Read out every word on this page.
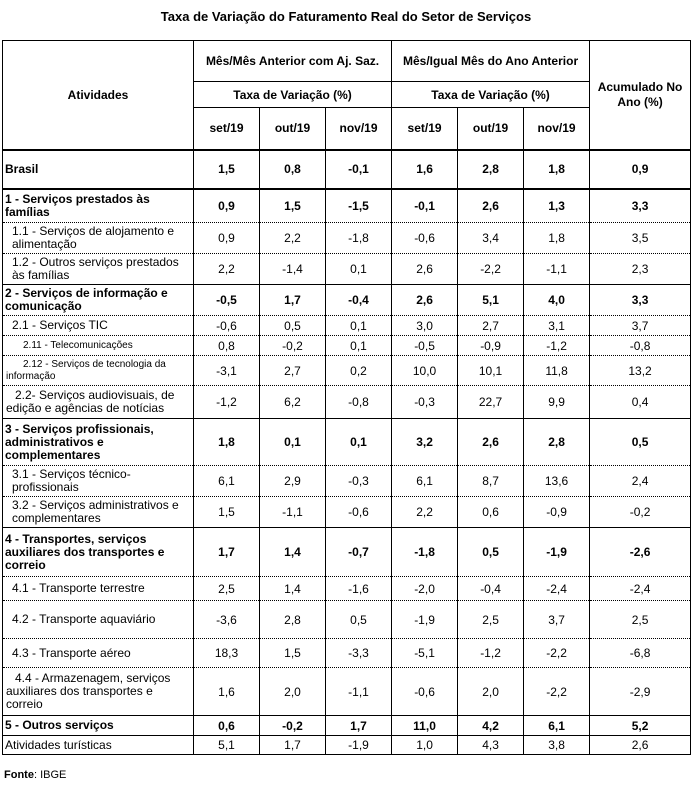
Taxa de Variação do Faturamento Real do Setor de Serviços
Atividades	Mês/Mês Anterior com Aj. Saz.			Mês/Igual Mês do Ano Anterior			Acumulado No Ano (%)
	Taxa de Variação (%)			Taxa de Variação (%)			
	set/19	out/19	nov/19	set/19	out/19	nov/19	
Brasil	1,5	0,8	-0,1	1,6	2,8	1,8	0,9
1 - Serviços prestados às famílias	0,9	1,5	-1,5	-0,1	2,6	1,3	3,3
1.1 - Serviços de alojamento e alimentação	0,9	2,2	-1,8	-0,6	3,4	1,8	3,5
1.2 - Outros serviços prestados às famílias	2,2	-1,4	0,1	2,6	-2,2	-1,1	2,3
2 - Serviços de informação e comunicação	-0,5	1,7	-0,4	2,6	5,1	4,0	3,3
2.1 - Serviços TIC	-0,6	0,5	0,1	3,0	2,7	3,1	3,7
2.11 - Telecomunicações	0,8	-0,2	0,1	-0,5	-0,9	-1,2	-0,8
2.12 - Serviços de tecnologia da informação	-3,1	2,7	0,2	10,0	10,1	11,8	13,2
2.2- Serviços audiovisuais, de edição e agências de notícias	-1,2	6,2	-0,8	-0,3	22,7	9,9	0,4
3 - Serviços profissionais, administrativos e complementares	1,8	0,1	0,1	3,2	2,6	2,8	0,5
3.1 - Serviços técnico-profissionais	6,1	2,9	-0,3	6,1	8,7	13,6	2,4
3.2 - Serviços administrativos e complementares	1,5	-1,1	-0,6	2,2	0,6	-0,9	-0,2
4 - Transportes, serviços auxiliares dos transportes e correio	1,7	1,4	-0,7	-1,8	0,5	-1,9	-2,6
4.1 - Transporte terrestre	2,5	1,4	-1,6	-2,0	-0,4	-2,4	-2,4
4.2 - Transporte aquaviário	-3,6	2,8	0,5	-1,9	2,5	3,7	2,5
4.3 - Transporte aéreo	18,3	1,5	-3,3	-5,1	-1,2	-2,2	-6,8
4.4 - Armazenagem, serviços auxiliares dos transportes e correio	1,6	2,0	-1,1	-0,6	2,0	-2,2	-2,9
5 - Outros serviços	0,6	-0,2	1,7	11,0	4,2	6,1	5,2
Atividades turísticas	5,1	1,7	-1,9	1,0	4,3	3,8	2,6
Fonte: IBGE
